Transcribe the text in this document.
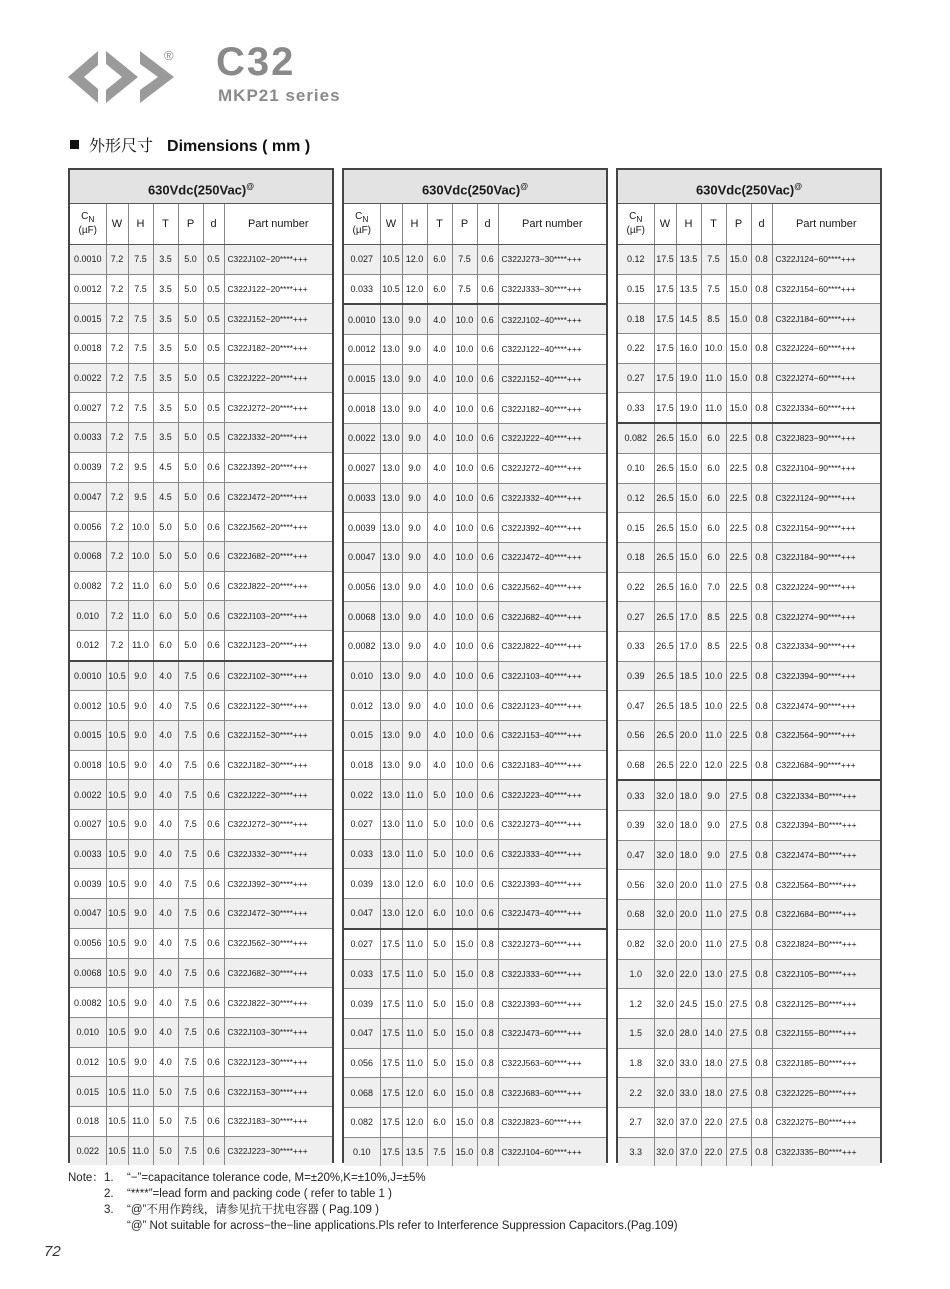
® C32
MKP21 series
外形尺寸 Dimensions ( mm )
630Vdc(250Vac)@
$C_N$
(µF)	W	H	T	P	d	Part number
0.0010	7.2	7.5	3.5	5.0	0.5	C322J102−20****+++
0.0012	7.2	7.5	3.5	5.0	0.5	C322J122−20****+++
0.0015	7.2	7.5	3.5	5.0	0.5	C322J152−20****+++
0.0018	7.2	7.5	3.5	5.0	0.5	C322J182−20****+++
0.0022	7.2	7.5	3.5	5.0	0.5	C322J222−20****+++
0.0027	7.2	7.5	3.5	5.0	0.5	C322J272−20****+++
0.0033	7.2	7.5	3.5	5.0	0.5	C322J332−20****+++
0.0039	7.2	9.5	4.5	5.0	0.6	C322J392−20****+++
0.0047	7.2	9.5	4.5	5.0	0.6	C322J472−20****+++
0.0056	7.2	10.0	5.0	5.0	0.6	C322J562−20****+++
0.0068	7.2	10.0	5.0	5.0	0.6	C322J682−20****+++
0.0082	7.2	11.0	6.0	5.0	0.6	C322J822−20****+++
0.010	7.2	11.0	6.0	5.0	0.6	C322J103−20****+++
0.012	7.2	11.0	6.0	5.0	0.6	C322J123−20****+++
0.0010	10.5	9.0	4.0	7.5	0.6	C322J102−30****+++
0.0012	10.5	9.0	4.0	7.5	0.6	C322J122−30****+++
0.0015	10.5	9.0	4.0	7.5	0.6	C322J152−30****+++
0.0018	10.5	9.0	4.0	7.5	0.6	C322J182−30****+++
0.0022	10.5	9.0	4.0	7.5	0.6	C322J222−30****+++
0.0027	10.5	9.0	4.0	7.5	0.6	C322J272−30****+++
0.0033	10.5	9.0	4.0	7.5	0.6	C322J332−30****+++
0.0039	10.5	9.0	4.0	7.5	0.6	C322J392−30****+++
0.0047	10.5	9.0	4.0	7.5	0.6	C322J472−30****+++
0.0056	10.5	9.0	4.0	7.5	0.6	C322J562−30****+++
0.0068	10.5	9.0	4.0	7.5	0.6	C322J682−30****+++
0.0082	10.5	9.0	4.0	7.5	0.6	C322J822−30****+++
0.010	10.5	9.0	4.0	7.5	0.6	C322J103−30****+++
0.012	10.5	9.0	4.0	7.5	0.6	C322J123−30****+++
0.015	10.5	11.0	5.0	7.5	0.6	C322J153−30****+++
0.018	10.5	11.0	5.0	7.5	0.6	C322J183−30****+++
0.022	10.5	11.0	5.0	7.5	0.6	C322J223−30****+++
630Vdc(250Vac)@
$C_N$
(µF)	W	H	T	P	d	Part number
0.027	10.5	12.0	6.0	7.5	0.6	C322J273−30****+++
0.033	10.5	12.0	6.0	7.5	0.6	C322J333−30****+++
0.0010	13.0	9.0	4.0	10.0	0.6	C322J102−40****+++
0.0012	13.0	9.0	4.0	10.0	0.6	C322J122−40****+++
0.0015	13.0	9.0	4.0	10.0	0.6	C322J152−40****+++
0.0018	13.0	9.0	4.0	10.0	0.6	C322J182−40****+++
0.0022	13.0	9.0	4.0	10.0	0.6	C322J222−40****+++
0.0027	13.0	9.0	4.0	10.0	0.6	C322J272−40****+++
0.0033	13.0	9.0	4.0	10.0	0.6	C322J332−40****+++
0.0039	13.0	9.0	4.0	10.0	0.6	C322J392−40****+++
0.0047	13.0	9.0	4.0	10.0	0.6	C322J472−40****+++
0.0056	13.0	9.0	4.0	10.0	0.6	C322J562−40****+++
0.0068	13.0	9.0	4.0	10.0	0.6	C322J682−40****+++
0.0082	13.0	9.0	4.0	10.0	0.6	C322J822−40****+++
0.010	13.0	9.0	4.0	10.0	0.6	C322J103−40****+++
0.012	13.0	9.0	4.0	10.0	0.6	C322J123−40****+++
0.015	13.0	9.0	4.0	10.0	0.6	C322J153−40****+++
0.018	13.0	9.0	4.0	10.0	0.6	C322J183−40****+++
0.022	13.0	11.0	5.0	10.0	0.6	C322J223−40****+++
0.027	13.0	11.0	5.0	10.0	0.6	C322J273−40****+++
0.033	13.0	11.0	5.0	10.0	0.6	C322J333−40****+++
0.039	13.0	12.0	6.0	10.0	0.6	C322J393−40****+++
0.047	13.0	12.0	6.0	10.0	0.6	C322J473−40****+++
0.027	17.5	11.0	5.0	15.0	0.8	C322J273−60****+++
0.033	17.5	11.0	5.0	15.0	0.8	C322J333−60****+++
0.039	17.5	11.0	5.0	15.0	0.8	C322J393−60****+++
0.047	17.5	11.0	5.0	15.0	0.8	C322J473−60****+++
0.056	17.5	11.0	5.0	15.0	0.8	C322J563−60****+++
0.068	17.5	12.0	6.0	15.0	0.8	C322J683−60****+++
0.082	17.5	12.0	6.0	15.0	0.8	C322J823−60****+++
0.10	17.5	13.5	7.5	15.0	0.8	C322J104−60****+++
630Vdc(250Vac)@
$C_N$
(µF)	W	H	T	P	d	Part number
0.12	17.5	13.5	7.5	15.0	0.8	C322J124−60****+++
0.15	17.5	13.5	7.5	15.0	0.8	C322J154−60****+++
0.18	17.5	14.5	8.5	15.0	0.8	C322J184−60****+++
0.22	17.5	16.0	10.0	15.0	0.8	C322J224−60****+++
0.27	17.5	19.0	11.0	15.0	0.8	C322J274−60****+++
0.33	17.5	19.0	11.0	15.0	0.8	C322J334−60****+++
0.082	26.5	15.0	6.0	22.5	0.8	C322J823−90****+++
0.10	26.5	15.0	6.0	22.5	0.8	C322J104−90****+++
0.12	26.5	15.0	6.0	22.5	0.8	C322J124−90****+++
0.15	26.5	15.0	6.0	22.5	0.8	C322J154−90****+++
0.18	26.5	15.0	6.0	22.5	0.8	C322J184−90****+++
0.22	26.5	16.0	7.0	22.5	0.8	C322J224−90****+++
0.27	26.5	17.0	8.5	22.5	0.8	C322J274−90****+++
0.33	26.5	17.0	8.5	22.5	0.8	C322J334−90****+++
0.39	26.5	18.5	10.0	22.5	0.8	C322J394−90****+++
0.47	26.5	18.5	10.0	22.5	0.8	C322J474−90****+++
0.56	26.5	20.0	11.0	22.5	0.8	C322J564−90****+++
0.68	26.5	22.0	12.0	22.5	0.8	C322J684−90****+++
0.33	32.0	18.0	9.0	27.5	0.8	C322J334−B0****+++
0.39	32.0	18.0	9.0	27.5	0.8	C322J394−B0****+++
0.47	32.0	18.0	9.0	27.5	0.8	C322J474−B0****+++
0.56	32.0	20.0	11.0	27.5	0.8	C322J564−B0****+++
0.68	32.0	20.0	11.0	27.5	0.8	C322J684−B0****+++
0.82	32.0	20.0	11.0	27.5	0.8	C322J824−B0****+++
1.0	32.0	22.0	13.0	27.5	0.8	C322J105−B0****+++
1.2	32.0	24.5	15.0	27.5	0.8	C322J125−B0****+++
1.5	32.0	28.0	14.0	27.5	0.8	C322J155−B0****+++
1.8	32.0	33.0	18.0	27.5	0.8	C322J185−B0****+++
2.2	32.0	33.0	18.0	27.5	0.8	C322J225−B0****+++
2.7	32.0	37.0	22.0	27.5	0.8	C322J275−B0****+++
3.3	32.0	37.0	22.0	27.5	0.8	C322J335−B0****+++
Note：1. “−”=capacitance tolerance code, M=±20%,K=±10%,J=±5%
2. “****”=lead form and packing code ( refer to table 1 )
3. “@”不用作跨线，请参见抗干扰电容器 ( Pag.109 )
“@” Not suitable for across−the−line applications.Pls refer to Interference Suppression Capacitors.(Pag.109)
72
